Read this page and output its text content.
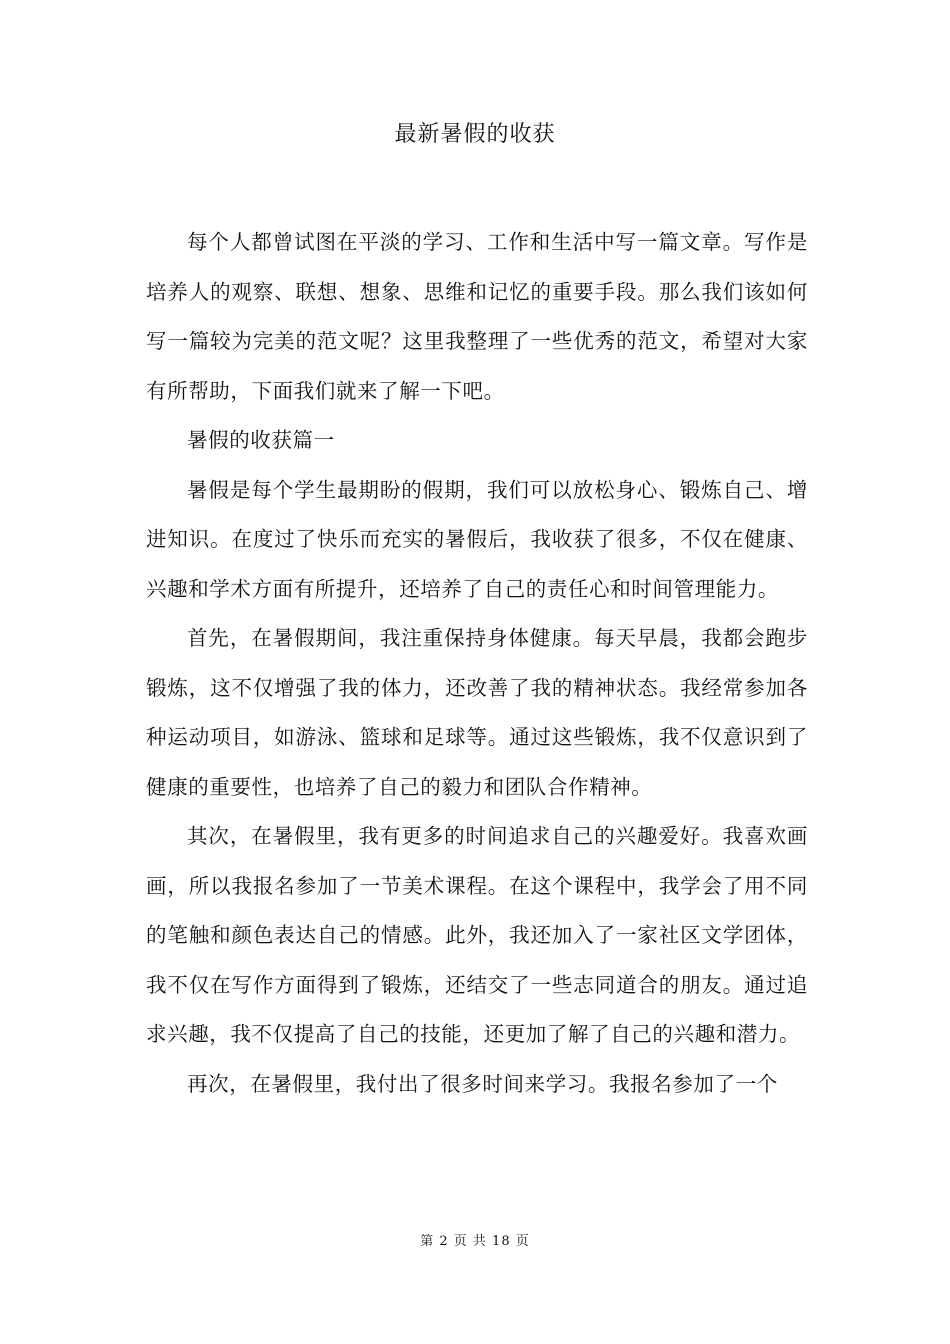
最新暑假的收获

每个人都曾试图在平淡的学习、工作和生活中写一篇文章。写作是培养人的观察、联想、想象、思维和记忆的重要手段。那么我们该如何写一篇较为完美的范文呢？这里我整理了一些优秀的范文，希望对大家有所帮助，下面我们就来了解一下吧。

暑假的收获篇一

暑假是每个学生最期盼的假期，我们可以放松身心、锻炼自己、增进知识。在度过了快乐而充实的暑假后，我收获了很多，不仅在健康、兴趣和学术方面有所提升，还培养了自己的责任心和时间管理能力。

首先，在暑假期间，我注重保持身体健康。每天早晨，我都会跑步锻炼，这不仅增强了我的体力，还改善了我的精神状态。我经常参加各种运动项目，如游泳、篮球和足球等。通过这些锻炼，我不仅意识到了健康的重要性，也培养了自己的毅力和团队合作精神。

其次，在暑假里，我有更多的时间追求自己的兴趣爱好。我喜欢画画，所以我报名参加了一节美术课程。在这个课程中，我学会了用不同的笔触和颜色表达自己的情感。此外，我还加入了一家社区文学团体，我不仅在写作方面得到了锻炼，还结交了一些志同道合的朋友。通过追求兴趣，我不仅提高了自己的技能，还更加了解了自己的兴趣和潜力。

再次，在暑假里，我付出了很多时间来学习。我报名参加了一个

第 2 页 共 18 页
